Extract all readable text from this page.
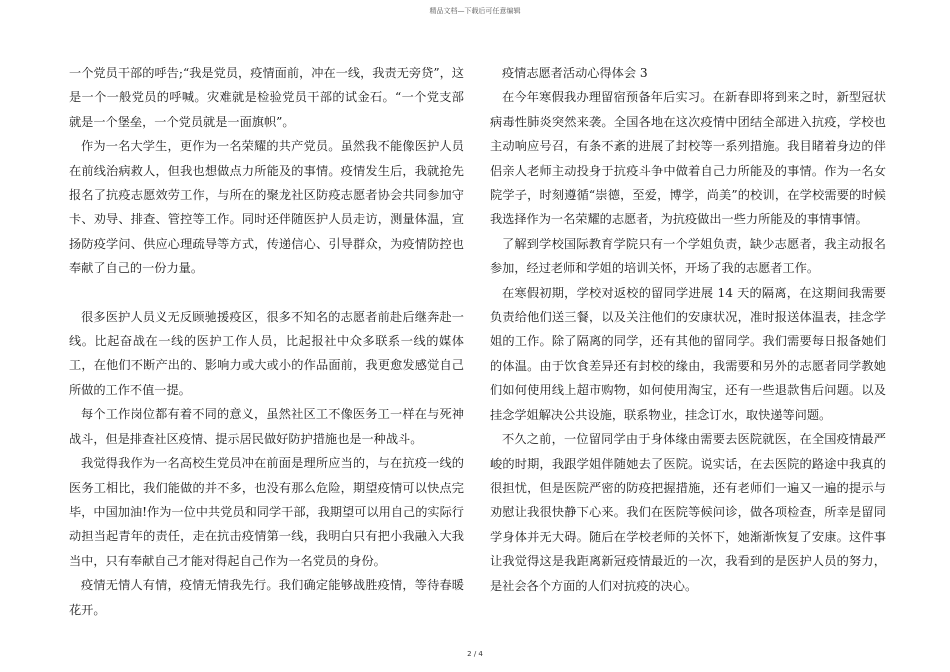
精品文档—下载后可任意编辑

一个党员干部的呼告;“我是党员，疫情面前，冲在一线，我责无旁贷”，这是一个一般党员的呼喊。灾难就是检验党员干部的试金石。“一个党支部就是一个堡垒，一个党员就是一面旗帜”。

作为一名大学生，更作为一名荣耀的共产党员。虽然我不能像医护人员在前线治病救人，但我也想做点力所能及的事情。疫情发生后，我就抢先报名了抗疫志愿效劳工作，与所在的聚龙社区防疫志愿者协会共同参加守卡、劝导、排查、管控等工作。同时还伴随医护人员走访，测量体温，宣扬防疫学问、供应心理疏导等方式，传递信心、引导群众，为疫情防控也奉献了自己的一份力量。

很多医护人员义无反顾驰援疫区，很多不知名的志愿者前赴后继奔赴一线。比起奋战在一线的医护工作人员，比起报社中众多联系一线的媒体工，在他们不断产出的、影响力或大或小的作品面前，我更愈发感觉自己所做的工作不值一提。

每个工作岗位都有着不同的意义，虽然社区工不像医务工一样在与死神战斗，但是排查社区疫情、提示居民做好防护措施也是一种战斗。

我觉得我作为一名高校生党员冲在前面是理所应当的，与在抗疫一线的医务工相比，我们能做的并不多，也没有那么危险，期望疫情可以快点完毕，中国加油!作为一位中共党员和同学干部，我期望可以用自己的实际行动担当起青年的责任，走在抗击疫情第一线，我明白只有把小我融入大我当中，只有奉献自己才能对得起自己作为一名党员的身份。

疫情无情人有情，疫情无情我先行。我们确定能够战胜疫情，等待春暖花开。

疫情志愿者活动心得体会 3

在今年寒假我办理留宿预备年后实习。在新春即将到来之时，新型冠状病毒性肺炎突然来袭。全国各地在这次疫情中团结全部进入抗疫，学校也主动响应号召，有条不紊的进展了封校等一系列措施。我目睹着身边的伴侣亲人老师主动投身于抗疫斗争中做着自己力所能及的事情。作为一名女院学子，时刻遵循“崇德，至爱，博学，尚美”的校训，在学校需要的时候我选择作为一名荣耀的志愿者，为抗疫做出一些力所能及的事情事情。

了解到学校国际教育学院只有一个学姐负责，缺少志愿者，我主动报名参加，经过老师和学姐的培训关怀，开场了我的志愿者工作。

在寒假初期，学校对返校的留同学进展 14 天的隔离，在这期间我需要负责给他们送三餐，以及关注他们的安康状况，准时报送体温表，挂念学姐的工作。除了隔离的同学，还有其他的留同学。我们需要每日报备她们的体温。由于饮食差异还有封校的缘由，我需要和另外的志愿者同学教她们如何使用线上超市购物，如何使用淘宝，还有一些退款售后问题。以及挂念学姐解决公共设施，联系物业，挂念订水，取快递等问题。

不久之前，一位留同学由于身体缘由需要去医院就医，在全国疫情最严峻的时期，我跟学姐伴随她去了医院。说实话，在去医院的路途中我真的很担忧，但是医院严密的防疫把握措施，还有老师们一遍又一遍的提示与劝慰让我很快静下心来。我们在医院等候问诊，做各项检查，所幸是留同学身体并无大碍。随后在学校老师的关怀下，她渐渐恢复了安康。这件事让我觉得这是我距离新冠疫情最近的一次，我看到的是医护人员的努力，是社会各个方面的人们对抗疫的决心。

2 / 4
